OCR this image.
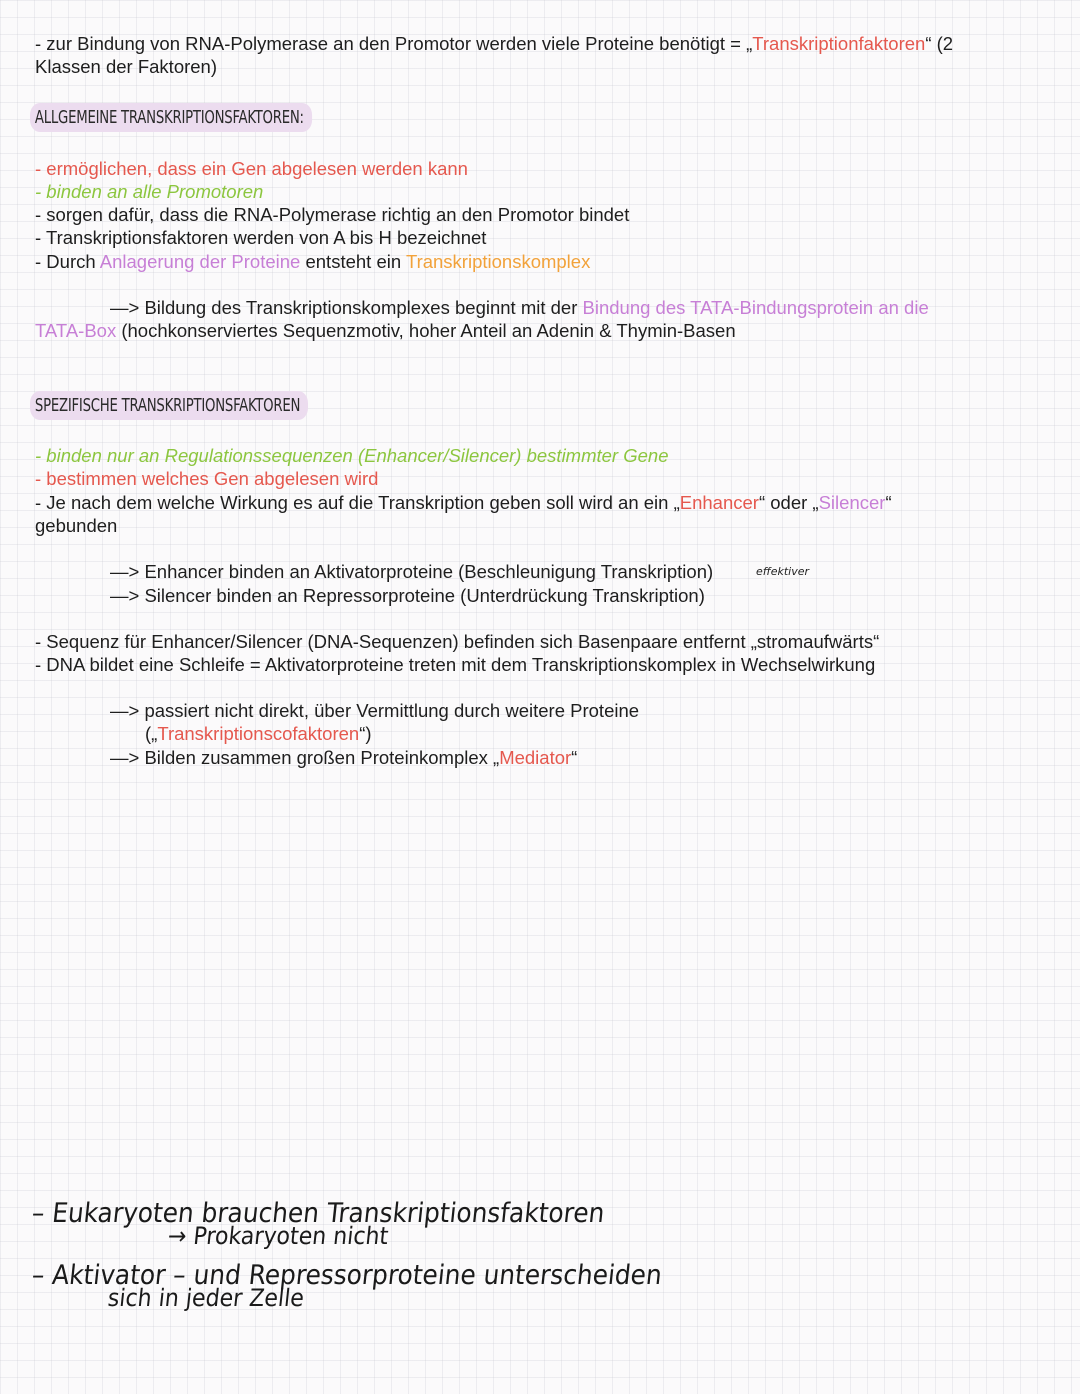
- zur Bindung von RNA-Polymerase an den Promotor werden viele Proteine benötigt = „Transkriptionfaktoren“ (2
Klassen der Faktoren)
ALLGEMEINE TRANSKRIPTIONSFAKTOREN:
- ermöglichen, dass ein Gen abgelesen werden kann
- binden an alle Promotoren
- sorgen dafür, dass die RNA-Polymerase richtig an den Promotor bindet
- Transkriptionsfaktoren werden von A bis H bezeichnet
- Durch Anlagerung der Proteine entsteht ein Transkriptionskomplex
—> Bildung des Transkriptionskomplexes beginnt mit der Bindung des TATA-Bindungsprotein an die
TATA-Box (hochkonserviertes Sequenzmotiv, hoher Anteil an Adenin & Thymin-Basen
SPEZIFISCHE TRANSKRIPTIONSFAKTOREN
- binden nur an Regulationssequenzen (Enhancer/Silencer) bestimmter Gene
- bestimmen welches Gen abgelesen wird
- Je nach dem welche Wirkung es auf die Transkription geben soll wird an ein „Enhancer“ oder „Silencer“
gebunden
—> Enhancer binden an Aktivatorproteine (Beschleunigung Transkription)	effektiver
—> Silencer binden an Repressorproteine (Unterdrückung Transkription)
- Sequenz für Enhancer/Silencer (DNA-Sequenzen) befinden sich Basenpaare entfernt „stromaufwärts“
- DNA bildet eine Schleife = Aktivatorproteine treten mit dem Transkriptionskomplex in Wechselwirkung
—> passiert nicht direkt, über Vermittlung durch weitere Proteine
(„Transkriptionscofaktoren“)
—> Bilden zusammen großen Proteinkomplex „Mediator“
– Eukaryoten brauchen Transkriptionsfaktoren
→ Prokaryoten nicht
– Aktivator – und Repressorproteine unterscheiden
sich in jeder Zelle
